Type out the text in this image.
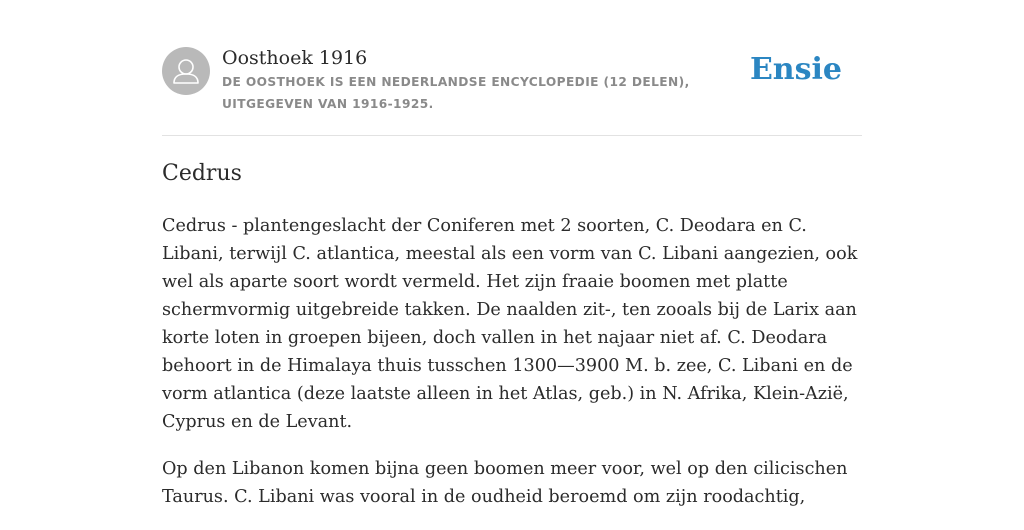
Oosthoek 1916
DE OOSTHOEK IS EEN NEDERLANDSE ENCYCLOPEDIE (12 DELEN), UITGEGEVEN VAN 1916-1925.
Ensie
Cedrus

Cedrus - plantengeslacht der Coniferen met 2 soorten, C. Deodara en C. Libani, terwijl C. atlantica, meestal als een vorm van C. Libani aangezien, ook wel als aparte soort wordt vermeld. Het zijn fraaie boomen met platte schermvormig uitgebreide takken. De naalden zit-, ten zooals bij de Larix aan korte loten in groepen bijeen, doch vallen in het najaar niet af. C. Deodara behoort in de Himalaya thuis tusschen 1300—3900 M. b. zee, C. Libani en de vorm atlantica (deze laatste alleen in het Atlas, geb.) in N. Afrika, Klein-Azië, Cyprus en de Levant.

Op den Libanon komen bijna geen boomen meer voor, wel op den cilicischen Taurus. C. Libani was vooral in de oudheid beroemd om zijn roodachtig,
